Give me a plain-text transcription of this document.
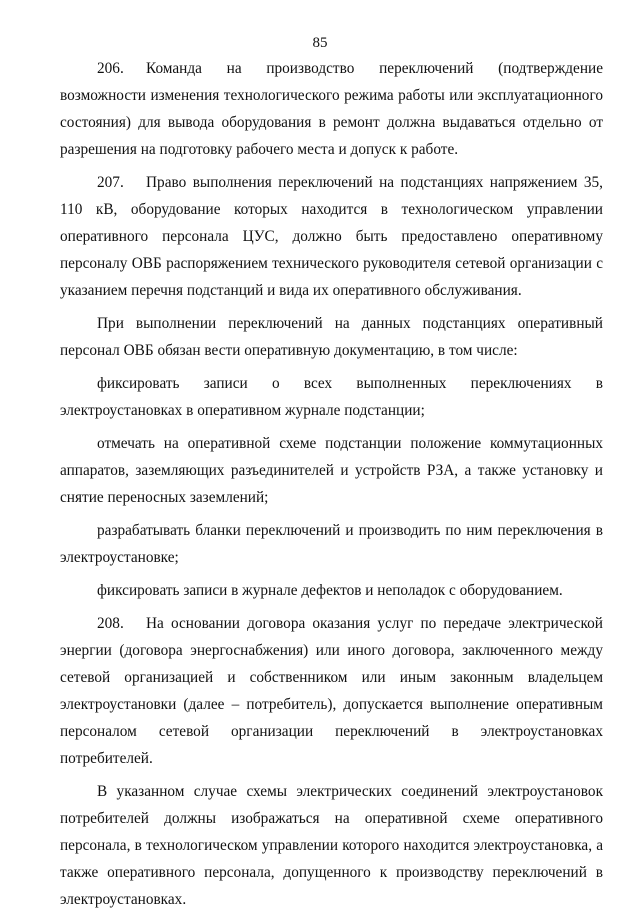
85

206. Команда на производство переключений (подтверждение возможности изменения технологического режима работы или эксплуатационного состояния) для вывода оборудования в ремонт должна выдаваться отдельно от разрешения на подготовку рабочего места и допуск к работе.

207. Право выполнения переключений на подстанциях напряжением 35, 110 кВ, оборудование которых находится в технологическом управлении оперативного персонала ЦУС, должно быть предоставлено оперативному персоналу ОВБ распоряжением технического руководителя сетевой организации с указанием перечня подстанций и вида их оперативного обслуживания.

При выполнении переключений на данных подстанциях оперативный персонал ОВБ обязан вести оперативную документацию, в том числе:

фиксировать записи о всех выполненных переключениях в электроустановках в оперативном журнале подстанции;

отмечать на оперативной схеме подстанции положение коммутационных аппаратов, заземляющих разъединителей и устройств РЗА, а также установку и снятие переносных заземлений;

разрабатывать бланки переключений и производить по ним переключения в электроустановке;

фиксировать записи в журнале дефектов и неполадок с оборудованием.

208. На основании договора оказания услуг по передаче электрической энергии (договора энергоснабжения) или иного договора, заключенного между сетевой организацией и собственником или иным законным владельцем электроустановки (далее – потребитель), допускается выполнение оперативным персоналом сетевой организации переключений в электроустановках потребителей.

В указанном случае схемы электрических соединений электроустановок потребителей должны изображаться на оперативной схеме оперативного персонала, в технологическом управлении которого находится электроустановка, а также оперативного персонала, допущенного к производству переключений в электроустановках.
